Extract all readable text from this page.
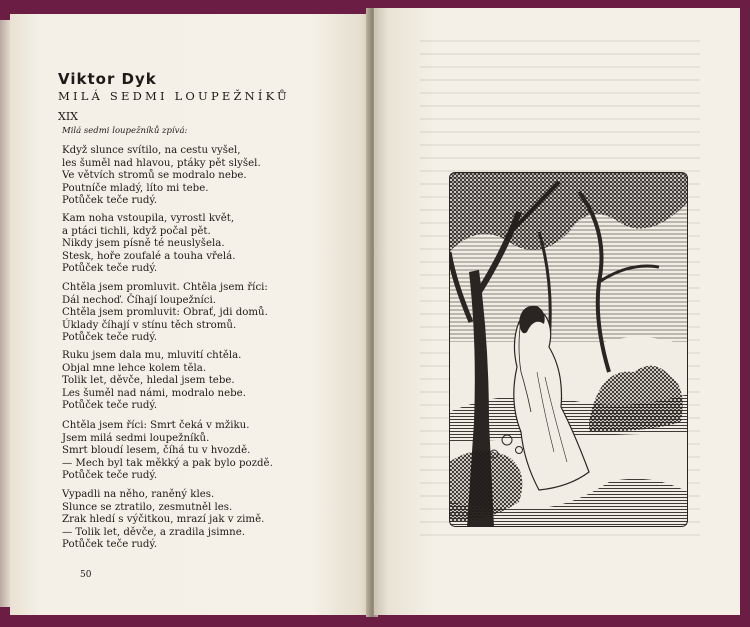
Viktor Dyk
MILÁ SEDMI LOUPEŽNÍKŮ
XIX
Milá sedmi loupežníků zpívá:

Když slunce svítilo, na cestu vyšel,
les šuměl nad hlavou, ptáky pět slyšel.
Ve větvích stromů se modralo nebe.
Poutníče mladý, líto mi tebe.
Potůček teče rudý.

Kam noha vstoupila, vyrostl květ,
a ptáci tichli, když počal pět.
Nikdy jsem písně té neuslyšela.
Stesk, hoře zoufalé a touha vřelá.
Potůček teče rudý.

Chtěla jsem promluvit. Chtěla jsem říci:
Dál nechoď. Číhají loupežníci.
Chtěla jsem promluvit: Obrať, jdi domů.
Úklady číhají v stínu těch stromů.
Potůček teče rudý.

Ruku jsem dala mu, mluvití chtěla.
Objal mne lehce kolem těla.
Tolik let, děvče, hledal jsem tebe.
Les šuměl nad námi, modralo nebe.
Potůček teče rudý.

Chtěla jsem říci: Smrt čeká v mžiku.
Jsem milá sedmi loupežníků.
Smrt bloudí lesem, číhá tu v hvozdě.
— Mech byl tak měkký a pak bylo pozdě.
Potůček teče rudý.

Vypadli na něho, raněný kles.
Slunce se ztratilo, zesmutněl les.
Zrak hledí s výčitkou, mrazí jak v zimě.
— Tolik let, děvče, a zradila jsimne.
Potůček teče rudý.

50
